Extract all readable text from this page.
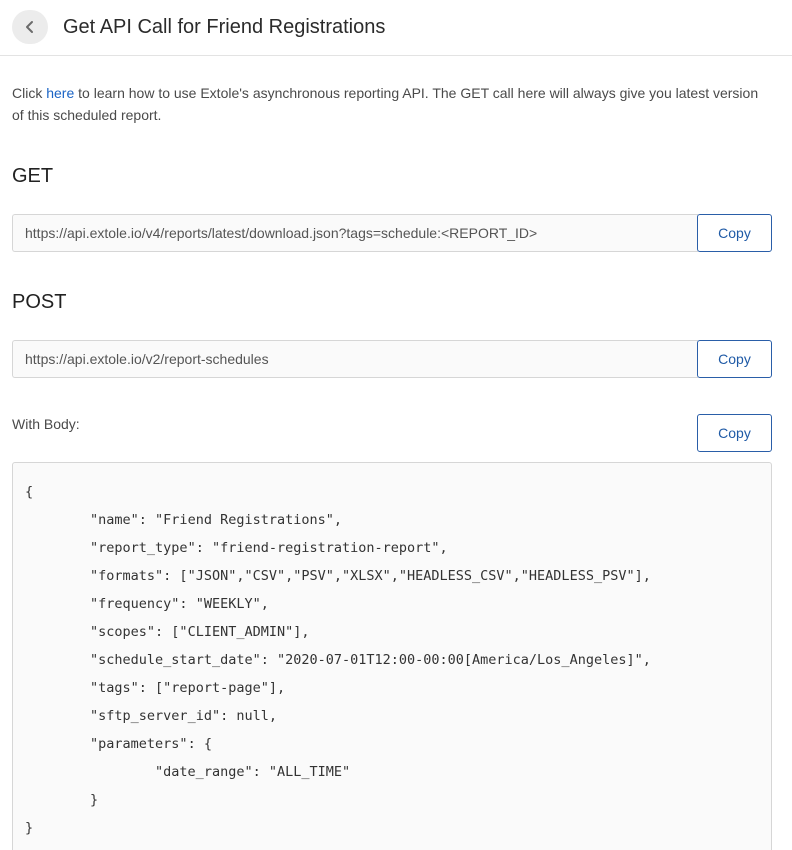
Get API Call for Friend Registrations
Click here to learn how to use Extole's asynchronous reporting API. The GET call here will always give you latest version of this scheduled report.
GET
https://api.extole.io/v4/reports/latest/download.json?tags=schedule:<REPORT_ID>	Copy
POST
https://api.extole.io/v2/report-schedules	Copy
With Body:
Copy
{
	"name": "Friend Registrations",
	"report_type": "friend-registration-report",
	"formats": ["JSON","CSV","PSV","XLSX","HEADLESS_CSV","HEADLESS_PSV"],
	"frequency": "WEEKLY",
	"scopes": ["CLIENT_ADMIN"],
	"schedule_start_date": "2020-07-01T12:00-00:00[America/Los_Angeles]",
	"tags": ["report-page"],
	"sftp_server_id": null,
	"parameters": {
		"date_range": "ALL_TIME"
	}
}
